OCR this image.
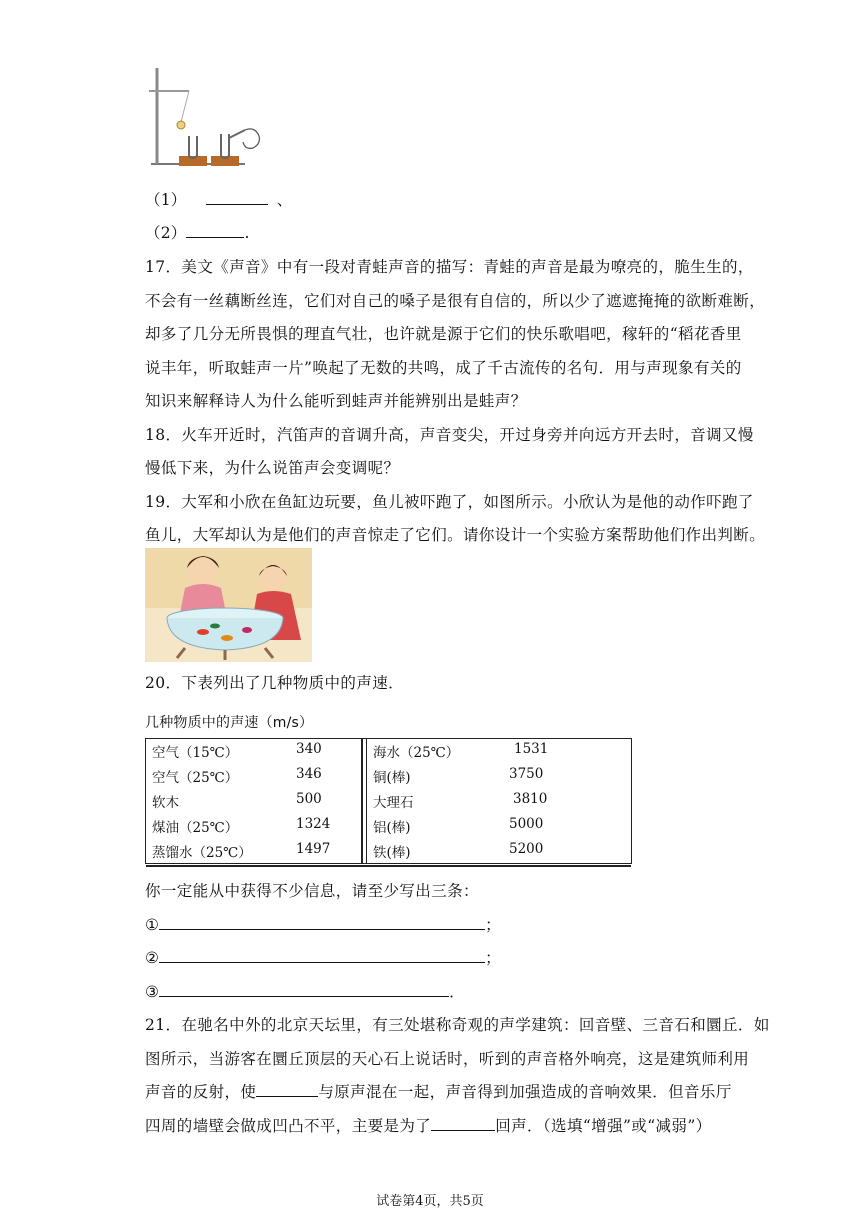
（1）	、
（2）	.
17．美文《声音》中有一段对青蛙声音的描写：青蛙的声音是最为嘹亮的，脆生生的，
不会有一丝藕断丝连，它们对自己的嗓子是很有自信的，所以少了遮遮掩掩的欲断难断，
却多了几分无所畏惧的理直气壮，也许就是源于它们的快乐歌唱吧，稼轩的“稻花香里
说丰年，听取蛙声一片”唤起了无数的共鸣，成了千古流传的名句．用与声现象有关的
知识来解释诗人为什么能听到蛙声并能辨别出是蛙声？
18．火车开近时，汽笛声的音调升高，声音变尖，开过身旁并向远方开去时，音调又慢
慢低下来，为什么说笛声会变调呢？
19．大军和小欣在鱼缸边玩要，鱼儿被吓跑了，如图所示。小欣认为是他的动作吓跑了
鱼儿，大军却认为是他们的声音惊走了它们。请你设计一个实验方案帮助他们作出判断。
20．下表列出了几种物质中的声速．
几种物质中的声速（m/s）
空气（15℃）	340
空气（25℃）	346
软木	500
煤油（25℃）	1324
蒸馏水（25℃）	1497
海水（25℃）	1531
铜(棒)	3750
大理石	3810
铝(棒)	5000
铁(棒)	5200
你一定能从中获得不少信息，请至少写出三条：
①	；
②	；
③	．
21．在驰名中外的北京天坛里，有三处堪称奇观的声学建筑：回音壁、三音石和圜丘．如
图所示，当游客在圜丘顶层的天心石上说话时，听到的声音格外响亮，这是建筑师利用
声音的反射，使	与原声混在一起，声音得到加强造成的音响效果．但音乐厅
四周的墙壁会做成凹凸不平，主要是为了	回声．（选填“增强”或“减弱”）
试卷第4页，共5页
